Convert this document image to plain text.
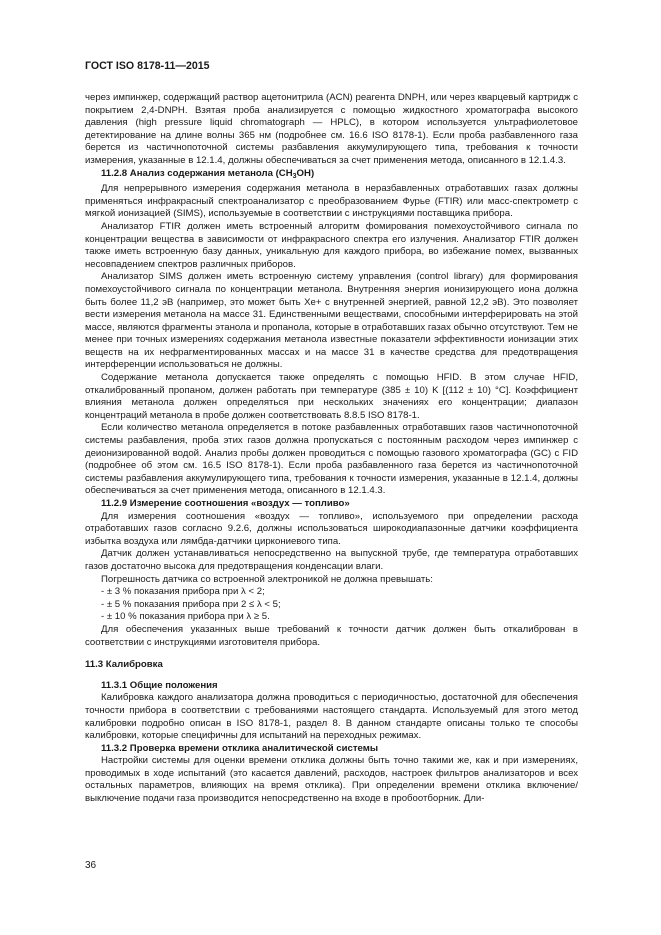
ГОСТ ISO 8178-11—2015

через импинжер, содержащий раствор ацетонитрила (ACN) реагента DNPH, или через кварцевый картридж с покрытием 2,4-DNPH. Взятая проба анализируется с помощью жидкостного хроматографа высокого давления (high pressure liquid chromatograph — HPLC), в котором используется ультрафиолетовое детектирование на длине волны 365 нм (подробнее см. 16.6 ISO 8178-1). Если проба разбавленного газа берется из частичнопоточной системы разбавления аккумулирующего типа, требования к точности измерения, указанные в 12.1.4, должны обеспечиваться за счет применения метода, описанного в 12.1.4.3.

11.2.8 Анализ содержания метанола $(CH_3OH)$

Для непрерывного измерения содержания метанола в неразбавленных отработавших газах должны применяться инфракрасный спектроанализатор с преобразованием Фурье (FTIR) или масс-спектрометр с мягкой ионизацией (SIMS), используемые в соответствии с инструкциями поставщика прибора.

Анализатор FTIR должен иметь встроенный алгоритм фомирования помехоустойчивого сигнала по концентрации вещества в зависимости от инфракрасного спектра его излучения. Анализатор FTIR должен также иметь встроенную базу данных, уникальную для каждого прибора, во избежание помех, вызванных несовпадением спектров различных приборов.

Анализатор SIMS должен иметь встроенную систему управления (control library) для формирования помехоустойчивого сигнала по концентрации метанола. Внутренняя энергия ионизирующего иона должна быть более 11,2 эВ (например, это может быть Xe+ с внутренней энергией, равной 12,2 эВ). Это позволяет вести измерения метанола на массе 31. Единственными веществами, способными интерферировать на этой массе, являются фрагменты этанола и пропанола, которые в отработавших газах обычно отсутствуют. Тем не менее при точных измерениях содержания метанола известные показатели эффективности ионизации этих веществ на их нефрагментированных массах и на массе 31 в качестве средства для предотвращения интерференции использоваться не должны.

Содержание метанола допускается также определять с помощью HFID. В этом случае HFID, откалиброванный пропаном, должен работать при температуре (385 ± 10) K [(112 ± 10) °C]. Коэффициент влияния метанола должен определяться при нескольких значениях его концентрации; диапазон концентраций метанола в пробе должен соответствовать 8.8.5 ISO 8178-1.

Если количество метанола определяется в потоке разбавленных отработавших газов частичнопоточной системы разбавления, проба этих газов должна пропускаться с постоянным расходом через импинжер с деионизированной водой. Анализ пробы должен проводиться с помощью газового хроматографа (GC) с FID (подробнее об этом см. 16.5 ISO 8178-1). Если проба разбавленного газа берется из частичнопоточной системы разбавления аккумулирующего типа, требования к точности измерения, указанные в 12.1.4, должны обеспечиваться за счет применения метода, описанного в 12.1.4.3.

11.2.9 Измерение соотношения «воздух — топливо»

Для измерения соотношения «воздух — топливо», используемого при определении расхода отработавших газов согласно 9.2.6, должны использоваться широкодиапазонные датчики коэффициента избытка воздуха или лямбда-датчики циркониевого типа.

Датчик должен устанавливаться непосредственно на выпускной трубе, где температура отработавших газов достаточно высока для предотвращения конденсации влаги.

Погрешность датчика со встроенной электроникой не должна превышать:

- ± 3 % показания прибора при λ < 2;

- ± 5 % показания прибора при 2 ≤ λ < 5;

- ± 10 % показания прибора при λ ≥ 5.

Для обеспечения указанных выше требований к точности датчик должен быть откалиброван в соответствии с инструкциями изготовителя прибора.

11.3 Калибровка

11.3.1 Общие положения

Калибровка каждого анализатора должна проводиться с периодичностью, достаточной для обеспечения точности прибора в соответствии с требованиями настоящего стандарта. Используемый для этого метод калибровки подробно описан в ISO 8178-1, раздел 8. В данном стандарте описаны только те способы калибровки, которые специфичны для испытаний на переходных режимах.

11.3.2 Проверка времени отклика аналитической системы

Настройки системы для оценки времени отклика должны быть точно такими же, как и при измерениях, проводимых в ходе испытаний (это касается давлений, расходов, настроек фильтров анализаторов и всех остальных параметров, влияющих на время отклика). При определении времени отклика включение/выключение подачи газа производится непосредственно на входе в пробоотборник. Дли-

36
